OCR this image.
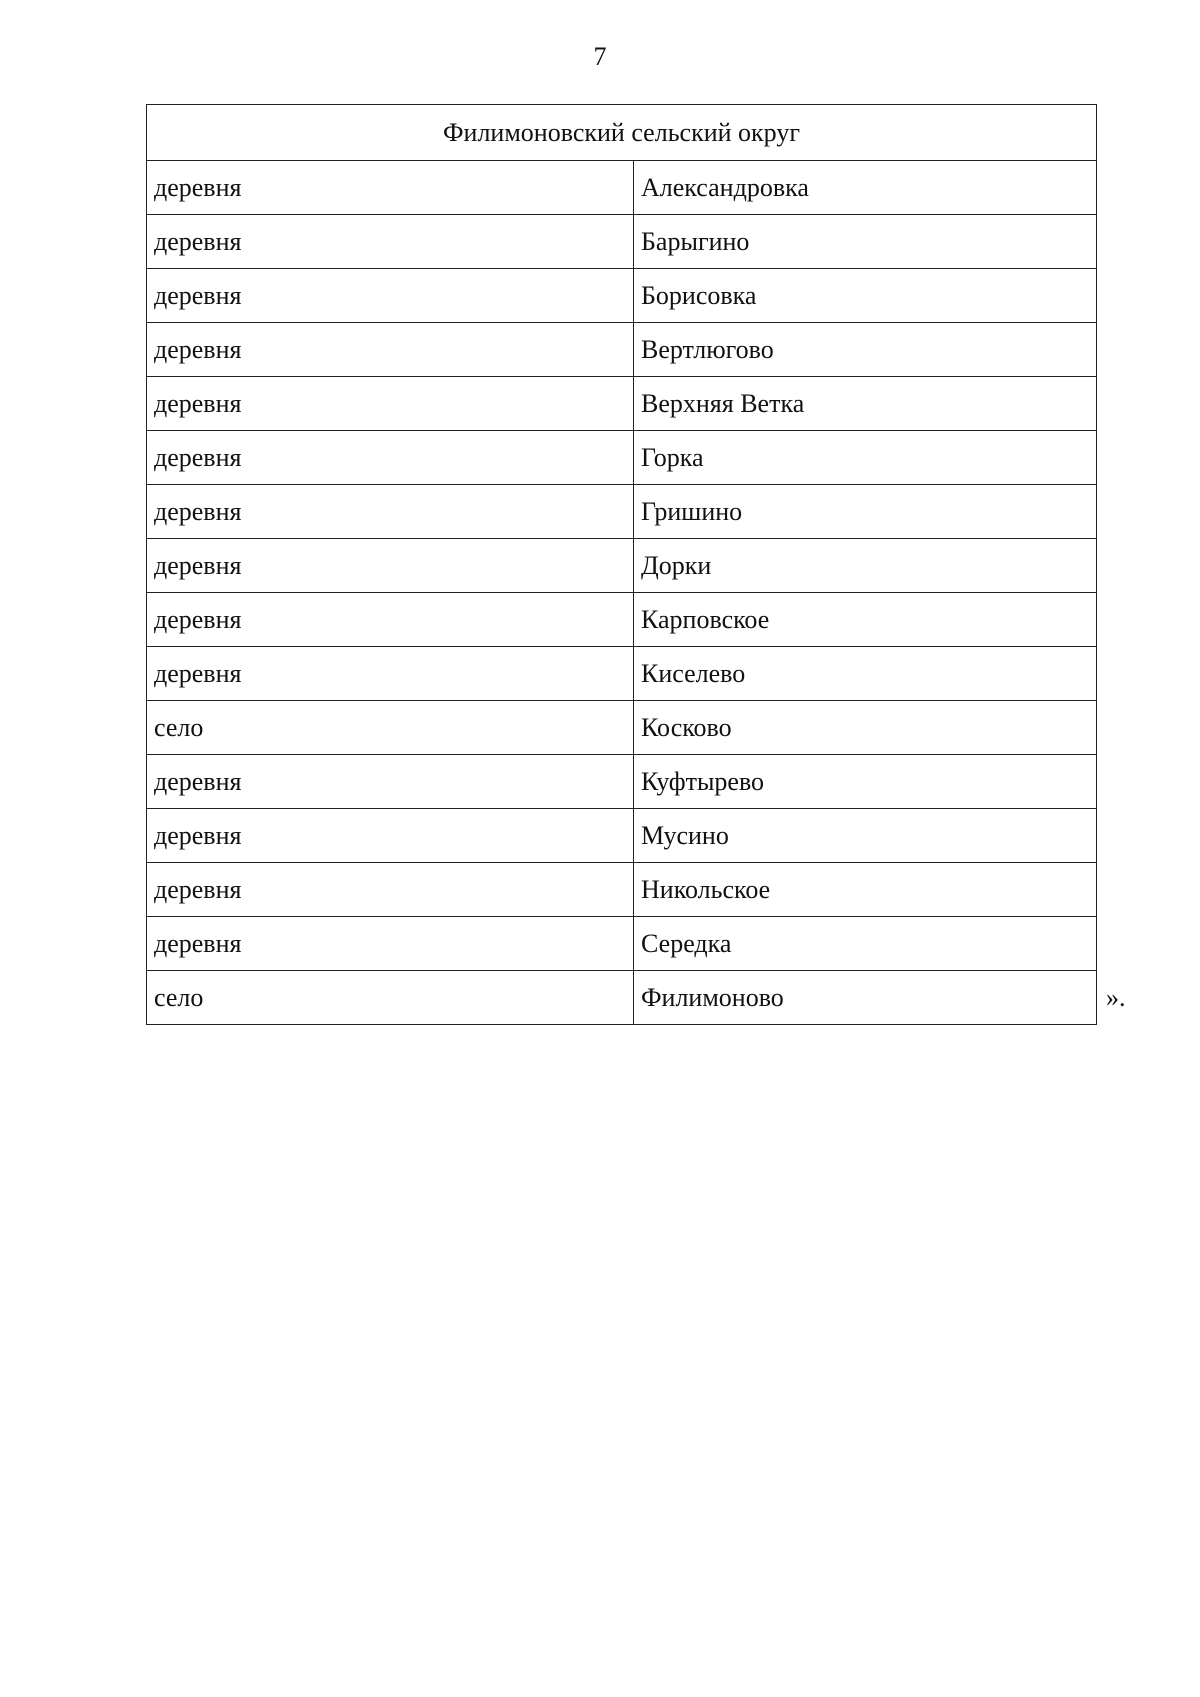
7
Филимоновский сельский округ	
деревня	Александровка
деревня	Барыгино
деревня	Борисовка
деревня	Вертлюгово
деревня	Верхняя Ветка
деревня	Горка
деревня	Гришино
деревня	Дорки
деревня	Карповское
деревня	Киселево
село	Косково
деревня	Куфтырево
деревня	Мусино
деревня	Никольское
деревня	Середка
село	Филимоново ».
